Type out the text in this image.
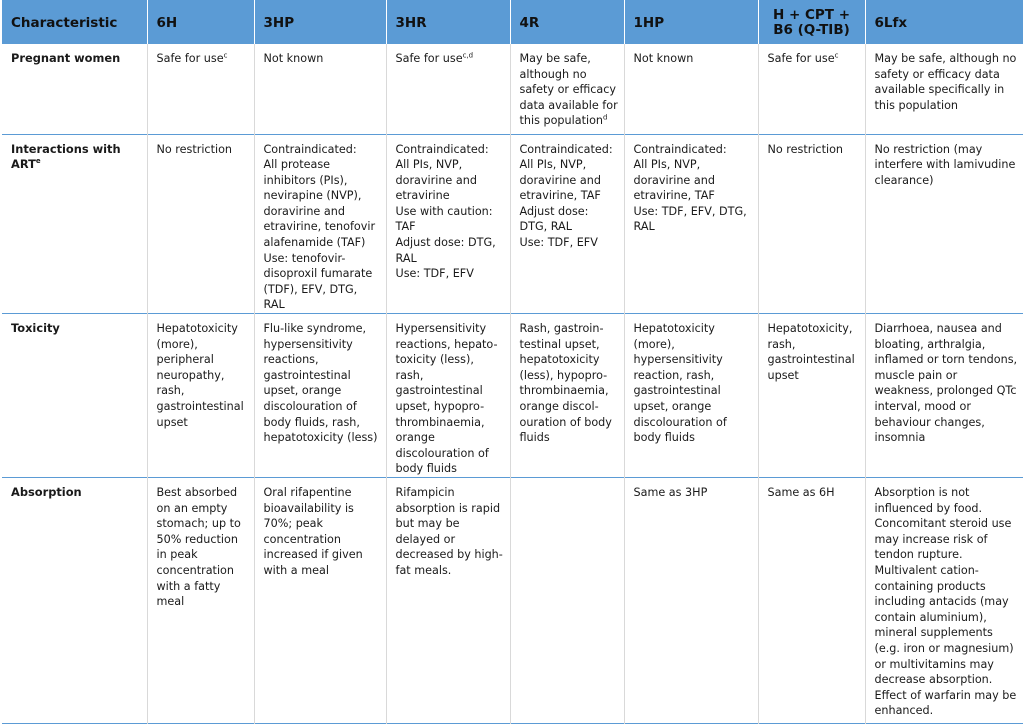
Characteristic	6H	3HP	3HR	4R	1HP	H + CPT + B6 (Q-TIB)	6Lfx
Pregnant women	Safe for use$^c$	Not known	Safe for use$^{c,d}$	May be safe, although no safety or efficacy data available for this population$^d$	Not known	Safe for use$^c$	May be safe, although no safety or efficacy data available specifically in this population
Interactions with ART$^e$	No restriction	Contraindicated:
All protease inhibitors (PIs), nevirapine (NVP), doravirine and etravirine, tenofovir alafenamide (TAF)
Use: tenofovir-disoproxil fumarate (TDF), EFV, DTG, RAL	Contraindicated:
All PIs, NVP, doravirine and etravirine
Use with caution: TAF
Adjust dose: DTG, RAL
Use: TDF, EFV	Contraindicated:
All PIs, NVP, doravirine and etravirine, TAF
Adjust dose: DTG, RAL
Use: TDF, EFV	Contraindicated:
All PIs, NVP, doravirine and etravirine, TAF
Use: TDF, EFV, DTG, RAL	No restriction	No restriction (may interfere with lamivudine clearance)

Toxicity	Hepatotoxicity (more), peripheral neuropathy, rash, gastrointestinal upset	Flu-like syndrome, hypersensitivity reactions, gastrointestinal upset, orange discolouration of body fluids, rash, hepatotoxicity (less)	Hypersensitivity reactions, hepato-toxicity (less), rash, gastrointestinal upset, hypopro-thrombinaemia, orange discolouration of body fluids	Rash, gastroin-testinal upset, hepatotoxicity (less), hypopro-thrombinaemia, orange discol-ouration of body fluids	Hepatotoxicity (more), hypersensitivity reaction, rash, gastrointestinal upset, orange discolouration of body fluids	Hepatotoxicity, rash, gastrointestinal upset	Diarrhoea, nausea and bloating, arthralgia, inflamed or torn tendons, muscle pain or weakness, prolonged QTc interval, mood or behaviour changes, insomnia
Absorption	Best absorbed on an empty stomach; up to 50% reduction in peak concentration with a fatty meal	Oral rifapentine bioavailability is 70%; peak concentration increased if given with a meal	Rifampicin absorption is rapid but may be delayed or decreased by high-fat meals.		Same as 3HP	Same as 6H	Absorption is not influenced by food. Concomitant steroid use may increase risk of tendon rupture. Multivalent cation-containing products including antacids (may contain aluminium), mineral supplements (e.g. iron or magnesium) or multivitamins may decrease absorption. Effect of warfarin may be enhanced.
